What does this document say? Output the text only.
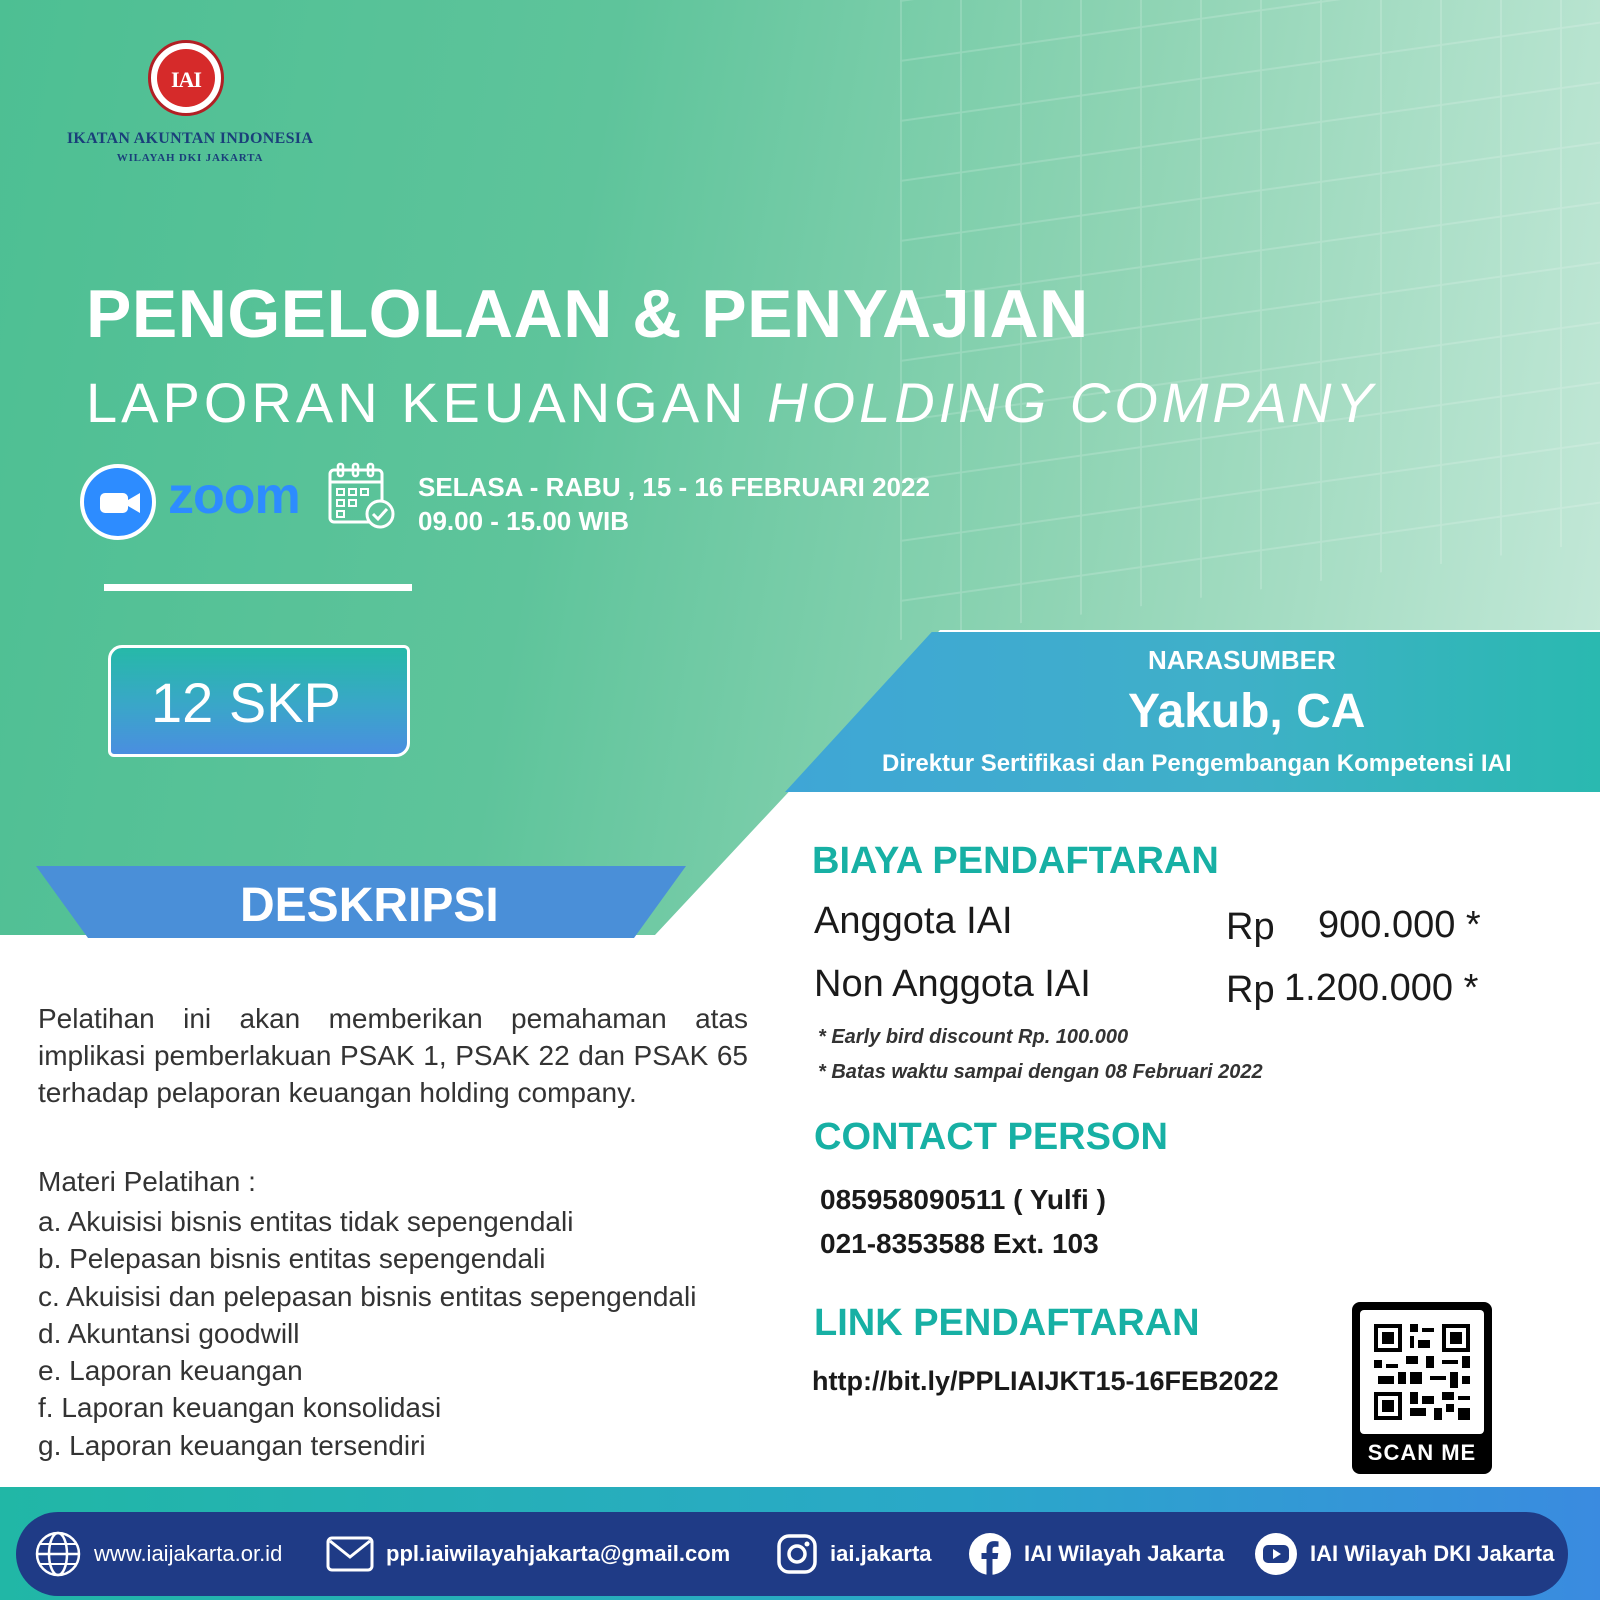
IAI
IKATAN AKUNTAN INDONESIA
WILAYAH DKI JAKARTA
PENGELOLAAN & PENYAJIAN
LAPORAN KEUANGAN HOLDING COMPANY
zoom	SELASA - RABU , 15 - 16 FEBRUARI 2022
09.00 - 15.00 WIB
12 SKP
NARASUMBER
Yakub, CA
Direktur Sertifikasi dan Pengembangan Kompetensi IAI
DESKRIPSI
Pelatihan ini akan memberikan pemahaman atas implikasi pemberlakuan PSAK 1, PSAK 22 dan PSAK 65 terhadap pelaporan keuangan holding company.
Materi Pelatihan :
a. Akuisisi bisnis entitas tidak sepengendali
b. Pelepasan bisnis entitas sepengendali
c. Akuisisi dan pelepasan bisnis entitas sepengendali
d. Akuntansi goodwill
e. Laporan keuangan
f. Laporan keuangan konsolidasi
g. Laporan keuangan tersendiri
BIAYA PENDAFTARAN
Anggota IAI	Rp 900.000 *
Non Anggota IAI	Rp 1.200.000 *
* Early bird discount Rp. 100.000
* Batas waktu sampai dengan 08 Februari 2022
CONTACT PERSON
085958090511 ( Yulfi )
021-8353588 Ext. 103
LINK PENDAFTARAN
http://bit.ly/PPLIAIJKT15-16FEB2022
SCAN ME
www.iaijakarta.or.id	ppl.iaiwilayahjakarta@gmail.com	iai.jakarta	IAI Wilayah Jakarta	IAI Wilayah DKI Jakarta
